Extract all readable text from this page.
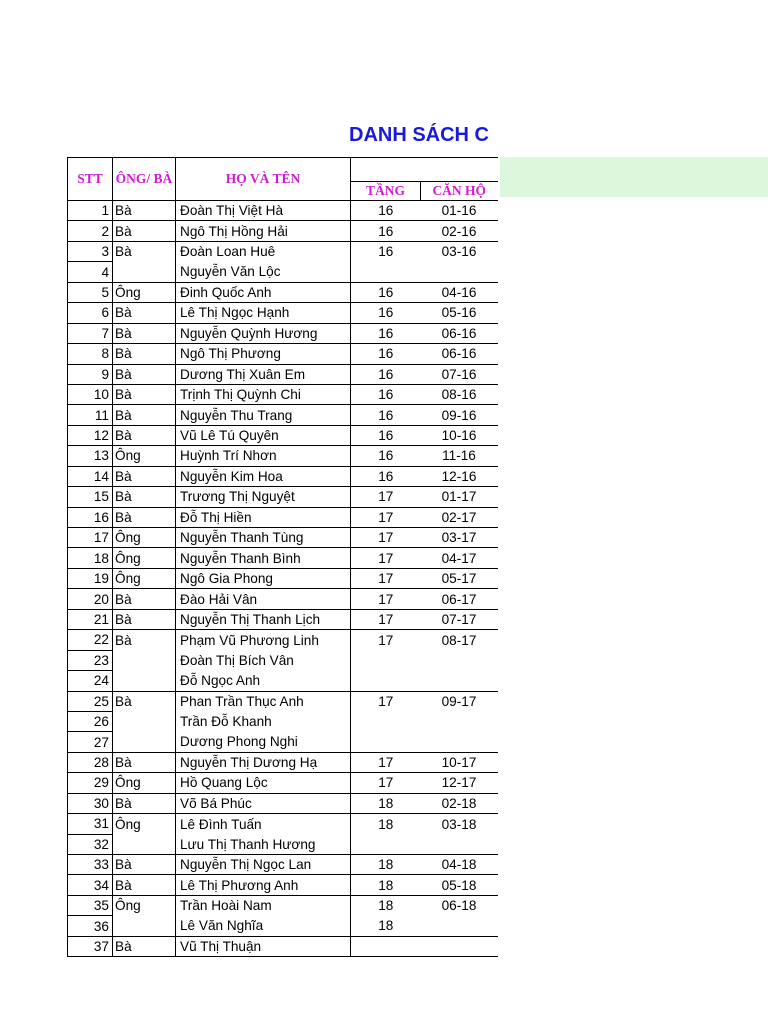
DANH SÁCH C
STT	ÔNG/ BÀ	HỌ VÀ TÊN		
			TẦNG	CĂN HỘ
1	Bà	Đoàn Thị Việt Hà	16	01-16
2	Bà	Ngô Thị Hồng Hải	16	02-16
3	Bà	Đoàn Loan Huê	16	03-16
4		Nguyễn Văn Lộc		
5	Ông	Đinh Quốc Anh	16	04-16
6	Bà	Lê Thị Ngọc Hạnh	16	05-16
7	Bà	Nguyễn Quỳnh Hương	16	06-16
8	Bà	Ngô Thị Phương	16	06-16
9	Bà	Dương Thị Xuân Em	16	07-16
10	Bà	Trịnh Thị Quỳnh Chi	16	08-16
11	Bà	Nguyễn Thu Trang	16	09-16
12	Bà	Vũ Lê Tú Quyên	16	10-16
13	Ông	Huỳnh Trí Nhơn	16	11-16
14	Bà	Nguyễn Kim Hoa	16	12-16
15	Bà	Trương Thị Nguyệt	17	01-17
16	Bà	Đỗ Thị Hiền	17	02-17
17	Ông	Nguyễn Thanh Tùng	17	03-17
18	Ông	Nguyễn Thanh Bình	17	04-17
19	Ông	Ngô Gia Phong	17	05-17
20	Bà	Đào Hải Vân	17	06-17
21	Bà	Nguyễn Thị Thanh Lịch	17	07-17
22	Bà	Phạm Vũ Phương Linh	17	08-17
23		Đoàn Thị Bích Vân		
24		Đỗ Ngọc Anh		
25	Bà	Phan Trần Thục Anh	17	09-17
26		Trần Đỗ Khanh		
27		Dương Phong Nghi		
28	Bà	Nguyễn Thị Dương Hạ	17	10-17
29	Ông	Hồ Quang Lộc	17	12-17
30	Bà	Võ Bá Phúc	18	02-18
31	Ông	Lê Đình Tuấn	18	03-18
32		Lưu Thị Thanh Hương		
33	Bà	Nguyễn Thị Ngọc Lan	18	04-18
34	Bà	Lê Thị Phương Anh	18	05-18
35	Ông	Trần Hoài Nam	18	06-18
36		Lê Văn Nghĩa	18	
37	Bà	Vũ Thị Thuận		
